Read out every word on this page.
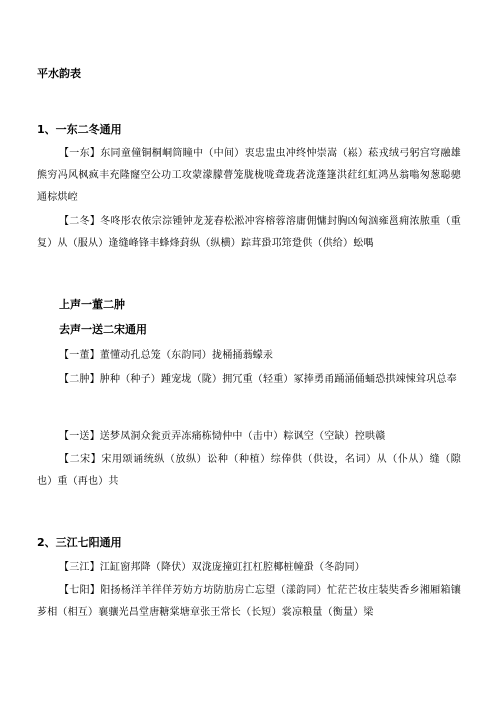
平水韵表
1、一东二冬通用
【一东】东同童僮铜桐峒筒瞳中（中间）衷忠盅虫冲终忡崇嵩（崧）菘戎绒弓躬宫穹融雄熊穷冯风枫疯丰充隆窿空公功工攻蒙濛朦瞢笼胧栊咙聋珑砻泷蓬篷洪荭红虹鸿丛翁嗡匆葱聪骢通棕烘崆
【二冬】冬咚彤农侬宗淙锺钟龙茏舂松淞冲容榕蓉溶庸佣慵封胸凶匈汹雍邕痈浓脓重（重复）从（服从）逢缝峰锋丰蜂烽葑纵（纵横）踪茸蛩邛筇跫供（供给）蚣喁
上声一董二肿
去声一送二宋通用
【一董】董懂动孔总笼（东韵同）拢桶捅蓊蠓汞
【二肿】肿种（种子）踵宠垅（陇）拥冗重（轻重）冢捧勇甬踊涌俑蛹恐拱竦悚耸巩总奉
【一送】送梦凤洞众瓮贡弄冻痛栋恸仲中（击中）粽讽空（空缺）控哄赣
【二宋】宋用颂诵统纵（放纵）讼种（种植）综俸供（供设，名词）从（仆从）缝（隙也）重（再也）共
2、三江七阳通用
【三江】江缸窗邦降（降伏）双泷庞撞豇扛杠腔椰桩幢蛩（冬韵同）
【七阳】阳扬杨洋羊徉佯芳妨方坊防肪房亡忘望（漾韵同）忙茫芒妆庄装奘香乡湘厢箱镶芗相（相互）襄骧光昌堂唐糖棠塘章张王常长（长短）裳凉粮量（衡量）梁
